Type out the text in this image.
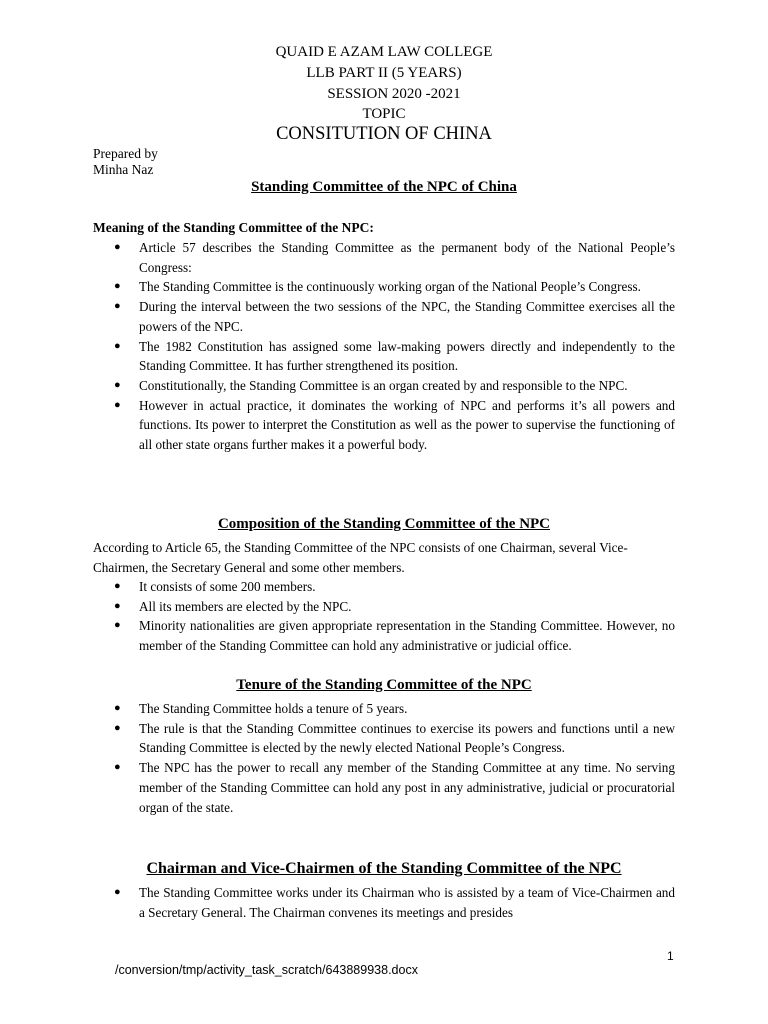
QUAID E AZAM LAW COLLEGE
LLB PART II (5 YEARS)
SESSION 2020 -2021
TOPIC
CONSITUTION OF CHINA
Prepared by
Minha Naz
Standing Committee of the NPC of China
Meaning of the Standing Committee of the NPC:
● Article 57 describes the Standing Committee as the permanent body of the National People’s Congress:
● The Standing Committee is the continuously working organ of the National People’s Congress.
● During the interval between the two sessions of the NPC, the Standing Committee exercises all the powers of the NPC.
● The 1982 Constitution has assigned some law-making powers directly and independently to the Standing Committee. It has further strengthened its position.
● Constitutionally, the Standing Committee is an organ created by and responsible to the NPC.
● However in actual practice, it dominates the working of NPC and performs it’s all powers and functions. Its power to interpret the Constitution as well as the power to supervise the functioning of all other state organs further makes it a powerful body.
Composition of the Standing Committee of the NPC
According to Article 65, the Standing Committee of the NPC consists of one Chairman, several Vice- Chairmen, the Secretary General and some other members.
● It consists of some 200 members.
● All its members are elected by the NPC.
● Minority nationalities are given appropriate representation in the Standing Committee. However, no member of the Standing Committee can hold any administrative or judicial office.
Tenure of the Standing Committee of the NPC
● The Standing Committee holds a tenure of 5 years.
● The rule is that the Standing Committee continues to exercise its powers and functions until a new Standing Committee is elected by the newly elected National People’s Congress.
● The NPC has the power to recall any member of the Standing Committee at any time. No serving member of the Standing Committee can hold any post in any administrative, judicial or procuratorial organ of the state.
Chairman and Vice-Chairmen of the Standing Committee of the NPC
● The Standing Committee works under its Chairman who is assisted by a team of Vice-Chairmen and a Secretary General. The Chairman convenes its meetings and presides
1
/conversion/tmp/activity_task_scratch/643889938.docx
